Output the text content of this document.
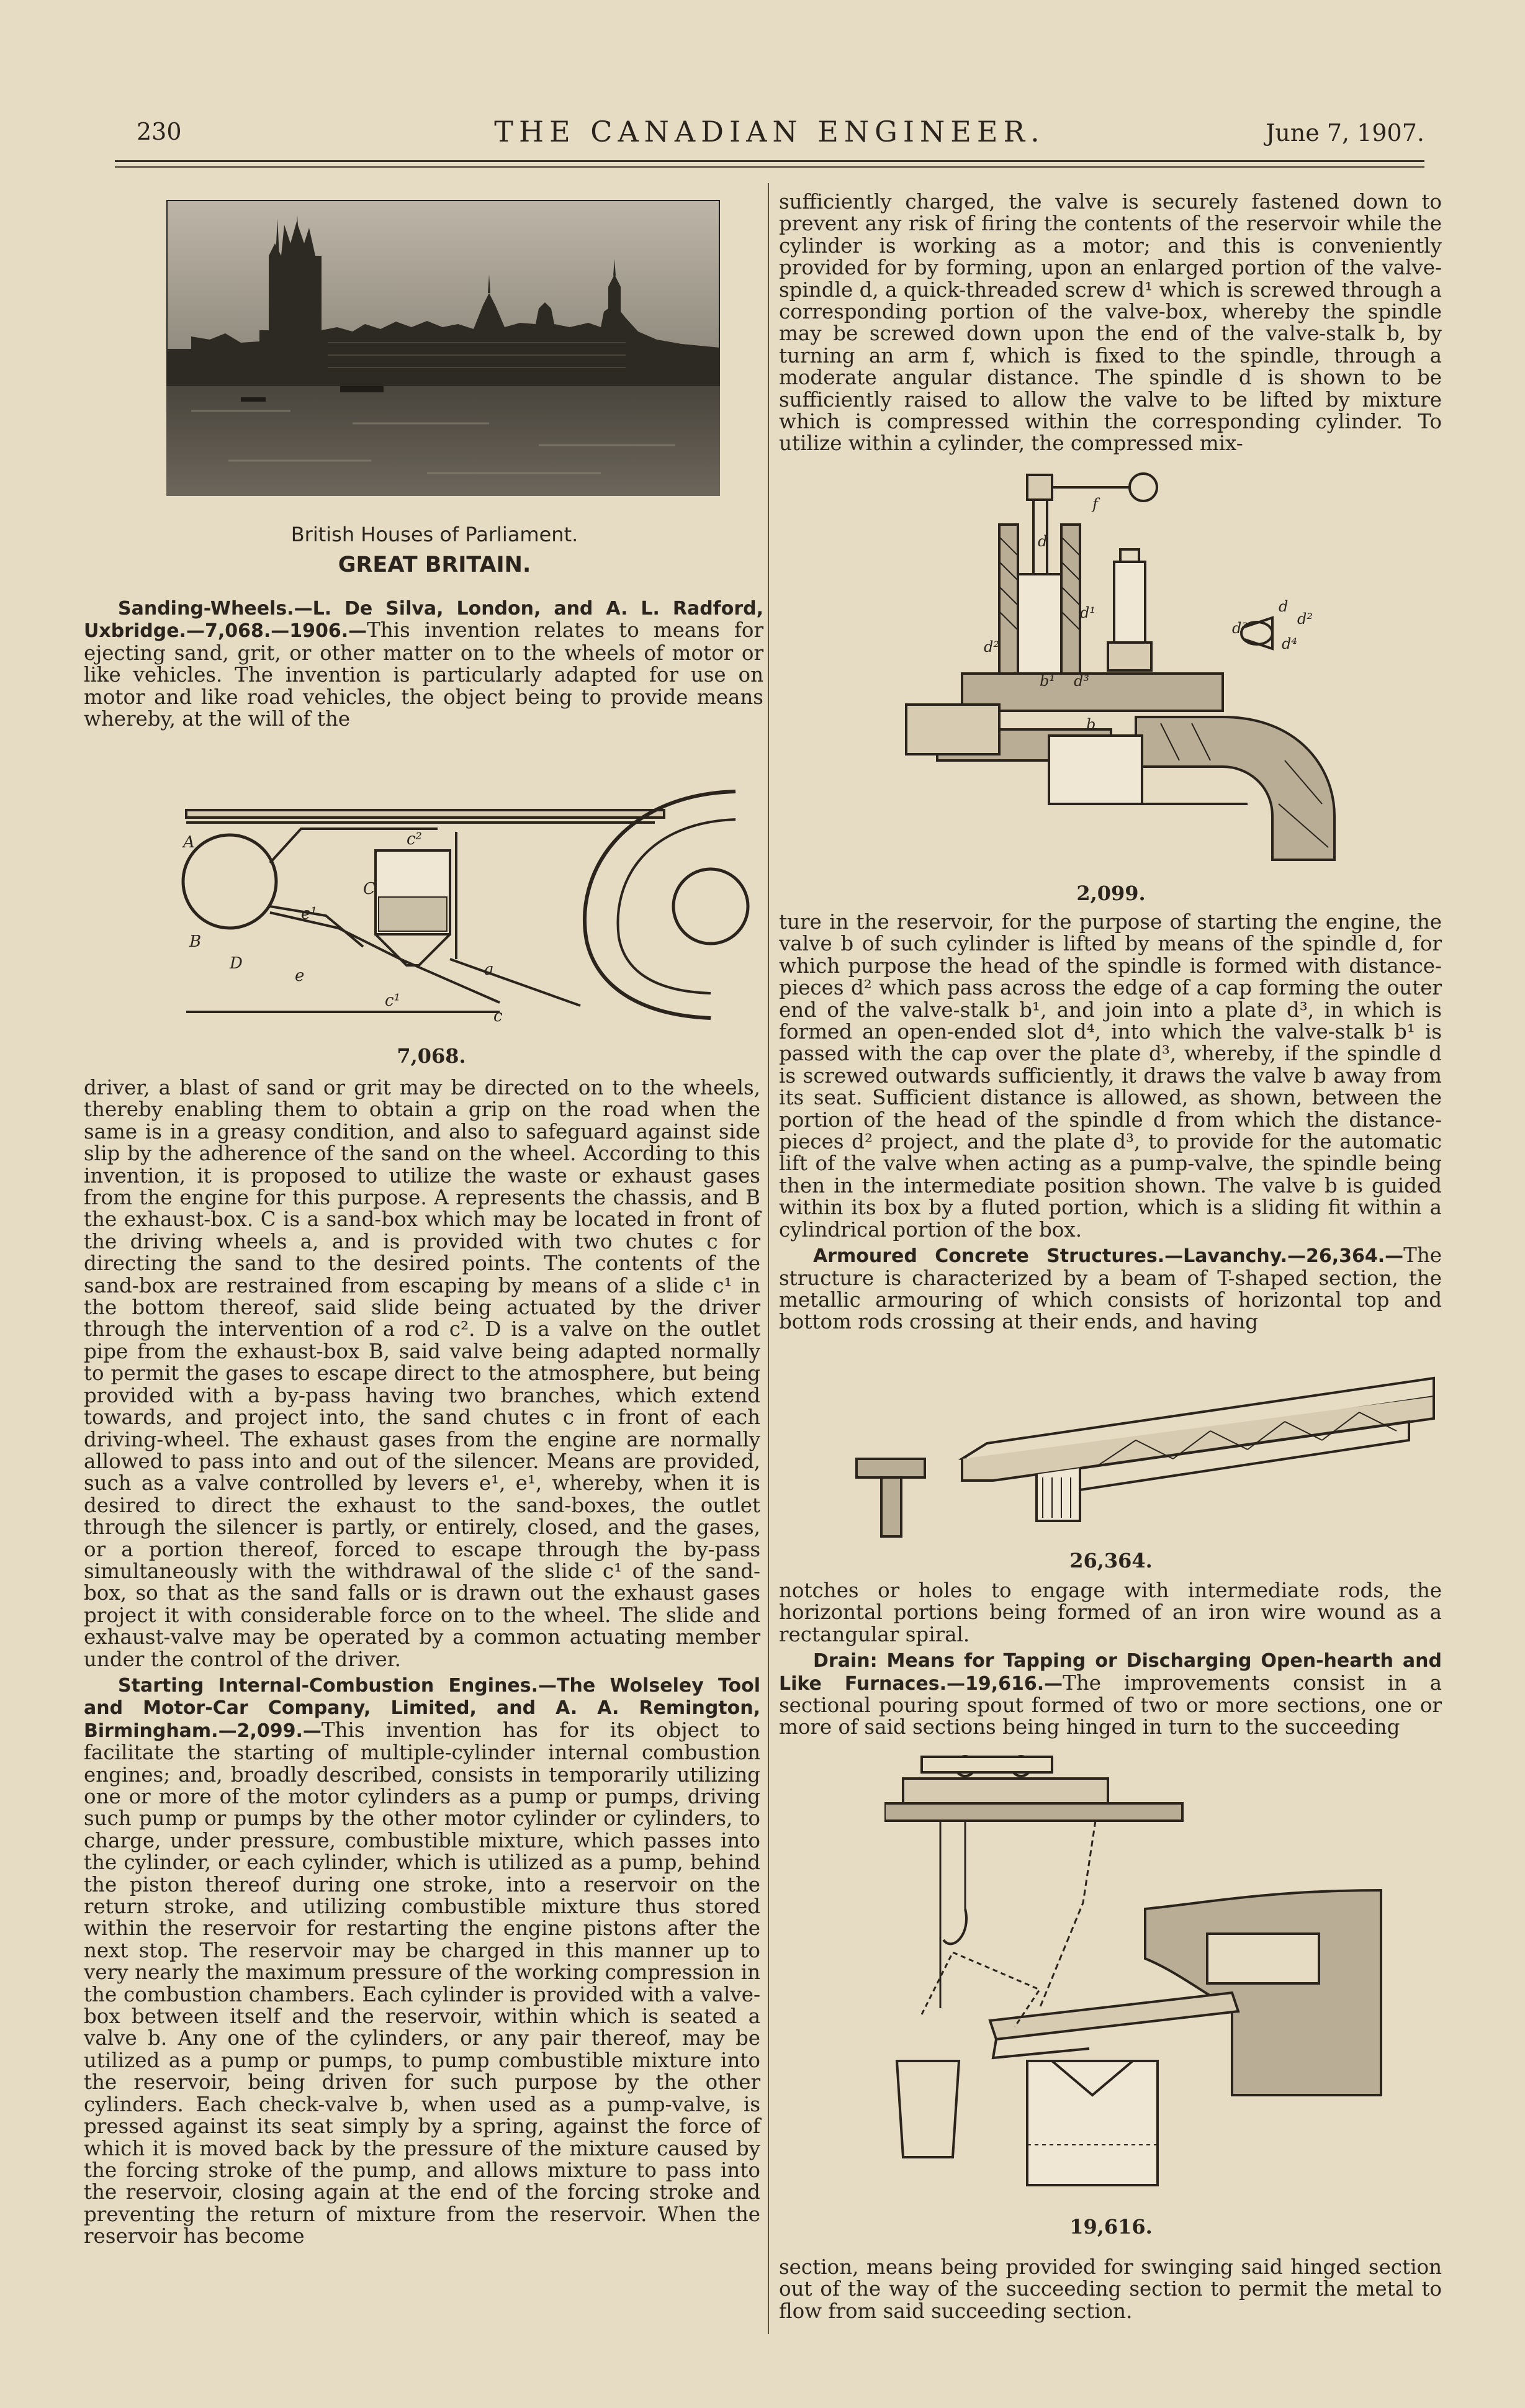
230	THE CANADIAN ENGINEER.	June 7, 1907.
British Houses of Parliament.
GREAT BRITAIN.

Sanding-Wheels.—L. De Silva, London, and A. L. Radford, Uxbridge.—7,068.—1906.—This invention relates to means for ejecting sand, grit, or other matter on to the wheels of motor or like vehicles. The invention is particularly adapted for use on motor and like road vehicles, the object being to provide means whereby, at the will of the

A
B
C
c²
D
e¹
e
c¹
a
c
7,068.

driver, a blast of sand or grit may be directed on to the wheels, thereby enabling them to obtain a grip on the road when the same is in a greasy condition, and also to safeguard against side slip by the adherence of the sand on the wheel. According to this invention, it is proposed to utilize the waste or exhaust gases from the engine for this purpose. A represents the chassis, and B the exhaust-box. C is a sand-box which may be located in front of the driving wheels a, and is provided with two chutes c for directing the sand to the desired points. The contents of the sand-box are restrained from escaping by means of a slide c¹ in the bottom thereof, said slide being actuated by the driver through the intervention of a rod c². D is a valve on the outlet pipe from the exhaust-box B, said valve being adapted normally to permit the gases to escape direct to the atmosphere, but being provided with a by-pass having two branches, which extend towards, and project into, the sand chutes c in front of each driving-wheel. The exhaust gases from the engine are normally allowed to pass into and out of the silencer. Means are provided, such as a valve controlled by levers e¹, e¹, whereby, when it is desired to direct the exhaust to the sand-boxes, the outlet through the silencer is partly, or entirely, closed, and the gases, or a portion thereof, forced to escape through the by-pass simultaneously with the withdrawal of the slide c¹ of the sand-box, so that as the sand falls or is drawn out the exhaust gases project it with considerable force on to the wheel. The slide and exhaust-valve may be operated by a common actuating member under the control of the driver.

Starting Internal-Combustion Engines.—The Wolseley Tool and Motor-Car Company, Limited, and A. A. Remington, Birmingham.—2,099.—This invention has for its object to facilitate the starting of multiple-cylinder internal combustion engines; and, broadly described, consists in temporarily utilizing one or more of the motor cylinders as a pump or pumps, driving such pump or pumps by the other motor cylinder or cylinders, to charge, under pressure, combustible mixture, which passes into the cylinder, or each cylinder, which is utilized as a pump, behind the piston thereof during one stroke, into a reservoir on the return stroke, and utilizing combustible mixture thus stored within the reservoir for restarting the engine pistons after the next stop. The reservoir may be charged in this manner up to very nearly the maximum pressure of the working compression in the combustion chambers. Each cylinder is provided with a valve-box between itself and the reservoir, within which is seated a valve b. Any one of the cylinders, or any pair thereof, may be utilized as a pump or pumps, to pump combustible mixture into the reservoir, being driven for such purpose by the other cylinders. Each check-valve b, when used as a pump-valve, is pressed against its seat simply by a spring, against the force of which it is moved back by the pressure of the mixture caused by the forcing stroke of the pump, and allows mixture to pass into the reservoir, closing again at the end of the forcing stroke and preventing the return of mixture from the reservoir. When the reservoir has become

sufficiently charged, the valve is securely fastened down to prevent any risk of firing the contents of the reservoir while the cylinder is working as a motor; and this is conveniently provided for by forming, upon an enlarged portion of the valve-spindle d, a quick-threaded screw d¹ which is screwed through a corresponding portion of the valve-box, whereby the spindle may be screwed down upon the end of the valve-stalk b, by turning an arm f, which is fixed to the spindle, through a moderate angular distance. The spindle d is shown to be sufficiently raised to allow the valve to be lifted by mixture which is compressed within the corresponding cylinder. To utilize within a cylinder, the compressed mix-

f
d
d¹
d²
b¹ d³
b
d
d²
d³
d⁴
2,099.

ture in the reservoir, for the purpose of starting the engine, the valve b of such cylinder is lifted by means of the spindle d, for which purpose the head of the spindle is formed with distance-pieces d² which pass across the edge of a cap forming the outer end of the valve-stalk b¹, and join into a plate d³, in which is formed an open-ended slot d⁴, into which the valve-stalk b¹ is passed with the cap over the plate d³, whereby, if the spindle d is screwed outwards sufficiently, it draws the valve b away from its seat. Sufficient distance is allowed, as shown, between the portion of the head of the spindle d from which the distance-pieces d² project, and the plate d³, to provide for the automatic lift of the valve when acting as a pump-valve, the spindle being then in the intermediate position shown. The valve b is guided within its box by a fluted portion, which is a sliding fit within a cylindrical portion of the box.

Armoured Concrete Structures.—Lavanchy.—26,364.—The structure is characterized by a beam of T-shaped section, the metallic armouring of which consists of horizontal top and bottom rods crossing at their ends, and having

26,364.

notches or holes to engage with intermediate rods, the horizontal portions being formed of an iron wire wound as a rectangular spiral.

Drain: Means for Tapping or Discharging Open-hearth and Like Furnaces.—19,616.—The improvements consist in a sectional pouring spout formed of two or more sections, one or more of said sections being hinged in turn to the succeeding

19,616.

section, means being provided for swinging said hinged section out of the way of the succeeding section to permit the metal to flow from said succeeding section.
